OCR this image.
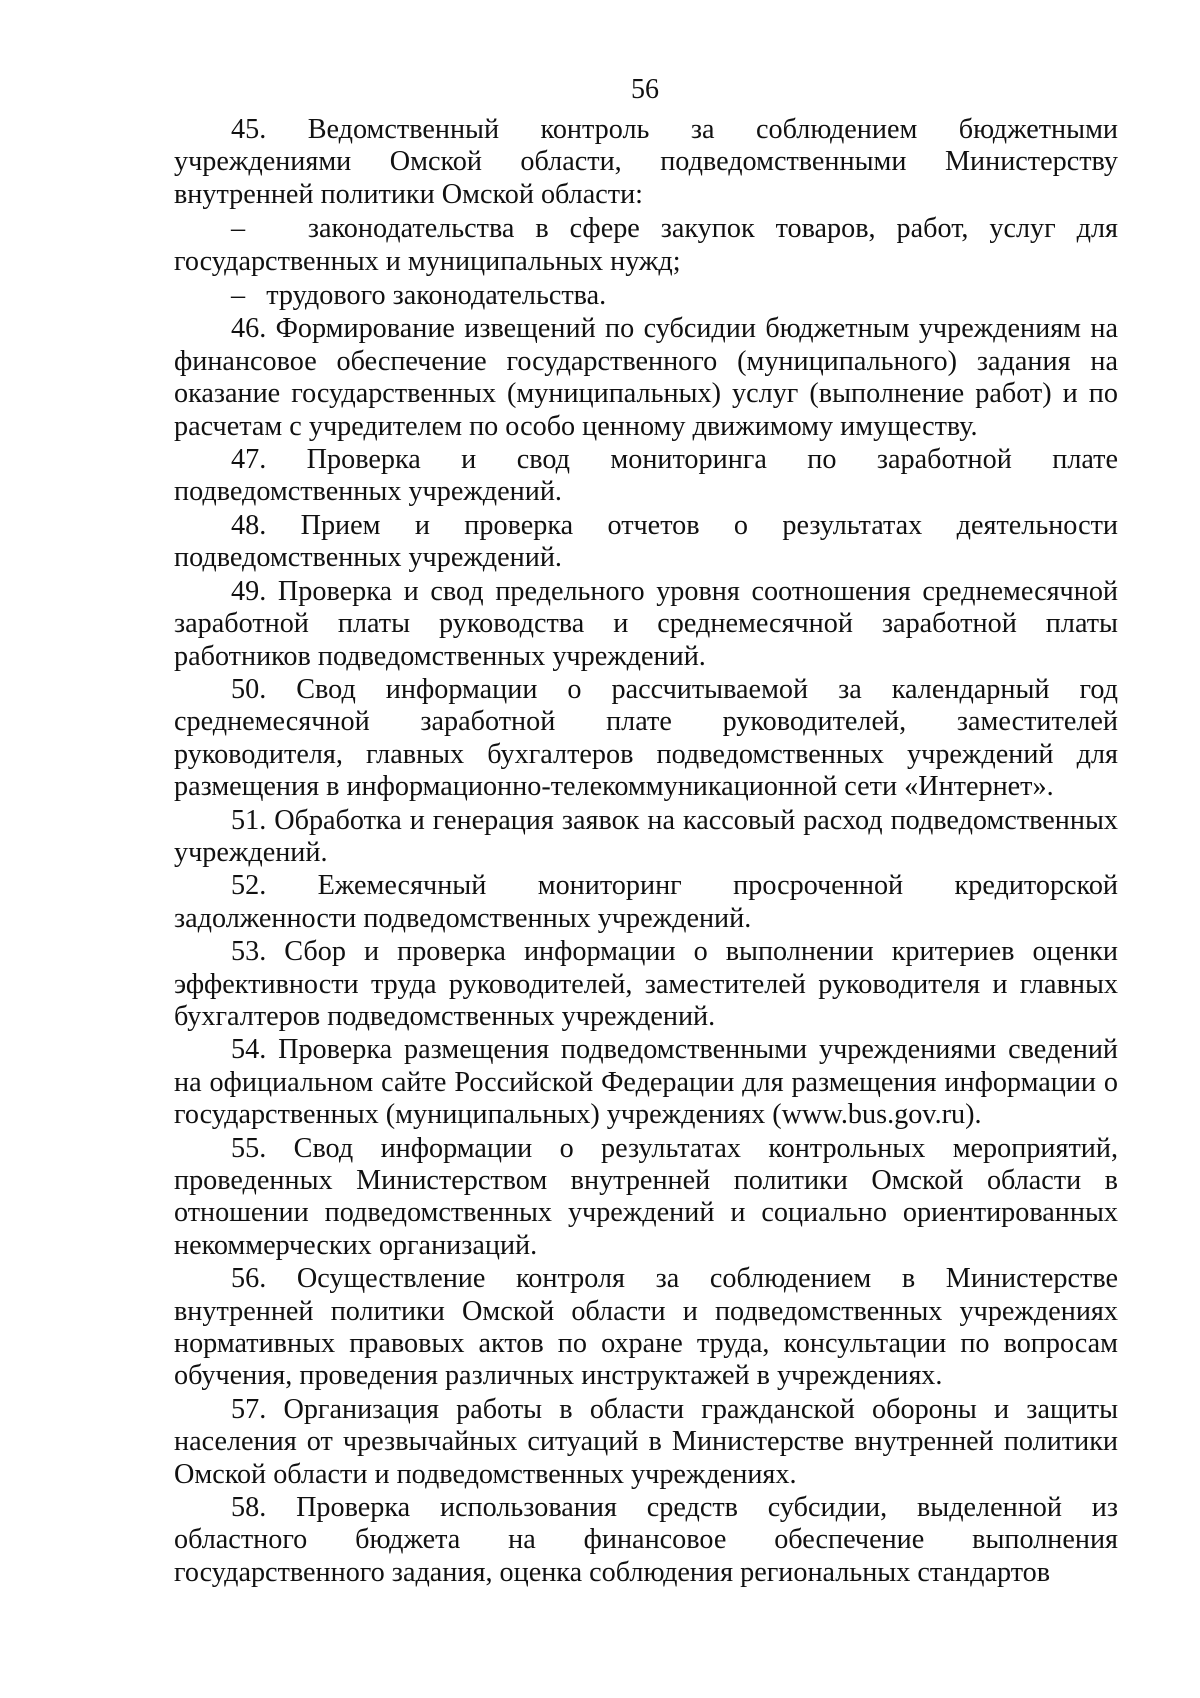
56

45. Ведомственный контроль за соблюдением бюджетными учреждениями Омской области, подведомственными Министерству внутренней политики Омской области:

– законодательства в сфере закупок товаров, работ, услуг для государственных и муниципальных нужд;

– трудового законодательства.

46. Формирование извещений по субсидии бюджетным учреждениям на финансовое обеспечение государственного (муниципального) задания на оказание государственных (муниципальных) услуг (выполнение работ) и по расчетам с учредителем по особо ценному движимому имуществу.

47. Проверка и свод мониторинга по заработной плате подведомственных учреждений.

48. Прием и проверка отчетов о результатах деятельности подведомственных учреждений.

49. Проверка и свод предельного уровня соотношения среднемесячной заработной платы руководства и среднемесячной заработной платы работников подведомственных учреждений.

50. Свод информации о рассчитываемой за календарный год среднемесячной заработной плате руководителей, заместителей руководителя, главных бухгалтеров подведомственных учреждений для размещения в информационно-телекоммуникационной сети «Интернет».

51. Обработка и генерация заявок на кассовый расход подведомственных учреждений.

52. Ежемесячный мониторинг просроченной кредиторской задолженности подведомственных учреждений.

53. Сбор и проверка информации о выполнении критериев оценки эффективности труда руководителей, заместителей руководителя и главных бухгалтеров подведомственных учреждений.

54. Проверка размещения подведомственными учреждениями сведений на официальном сайте Российской Федерации для размещения информации о государственных (муниципальных) учреждениях (www.bus.gov.ru).

55. Свод информации о результатах контрольных мероприятий, проведенных Министерством внутренней политики Омской области в отношении подведомственных учреждений и социально ориентированных некоммерческих организаций.

56. Осуществление контроля за соблюдением в Министерстве внутренней политики Омской области и подведомственных учреждениях нормативных правовых актов по охране труда, консультации по вопросам обучения, проведения различных инструктажей в учреждениях.

57. Организация работы в области гражданской обороны и защиты населения от чрезвычайных ситуаций в Министерстве внутренней политики Омской области и подведомственных учреждениях.

58. Проверка использования средств субсидии, выделенной из областного бюджета на финансовое обеспечение выполнения государственного задания, оценка соблюдения региональных стандартов
